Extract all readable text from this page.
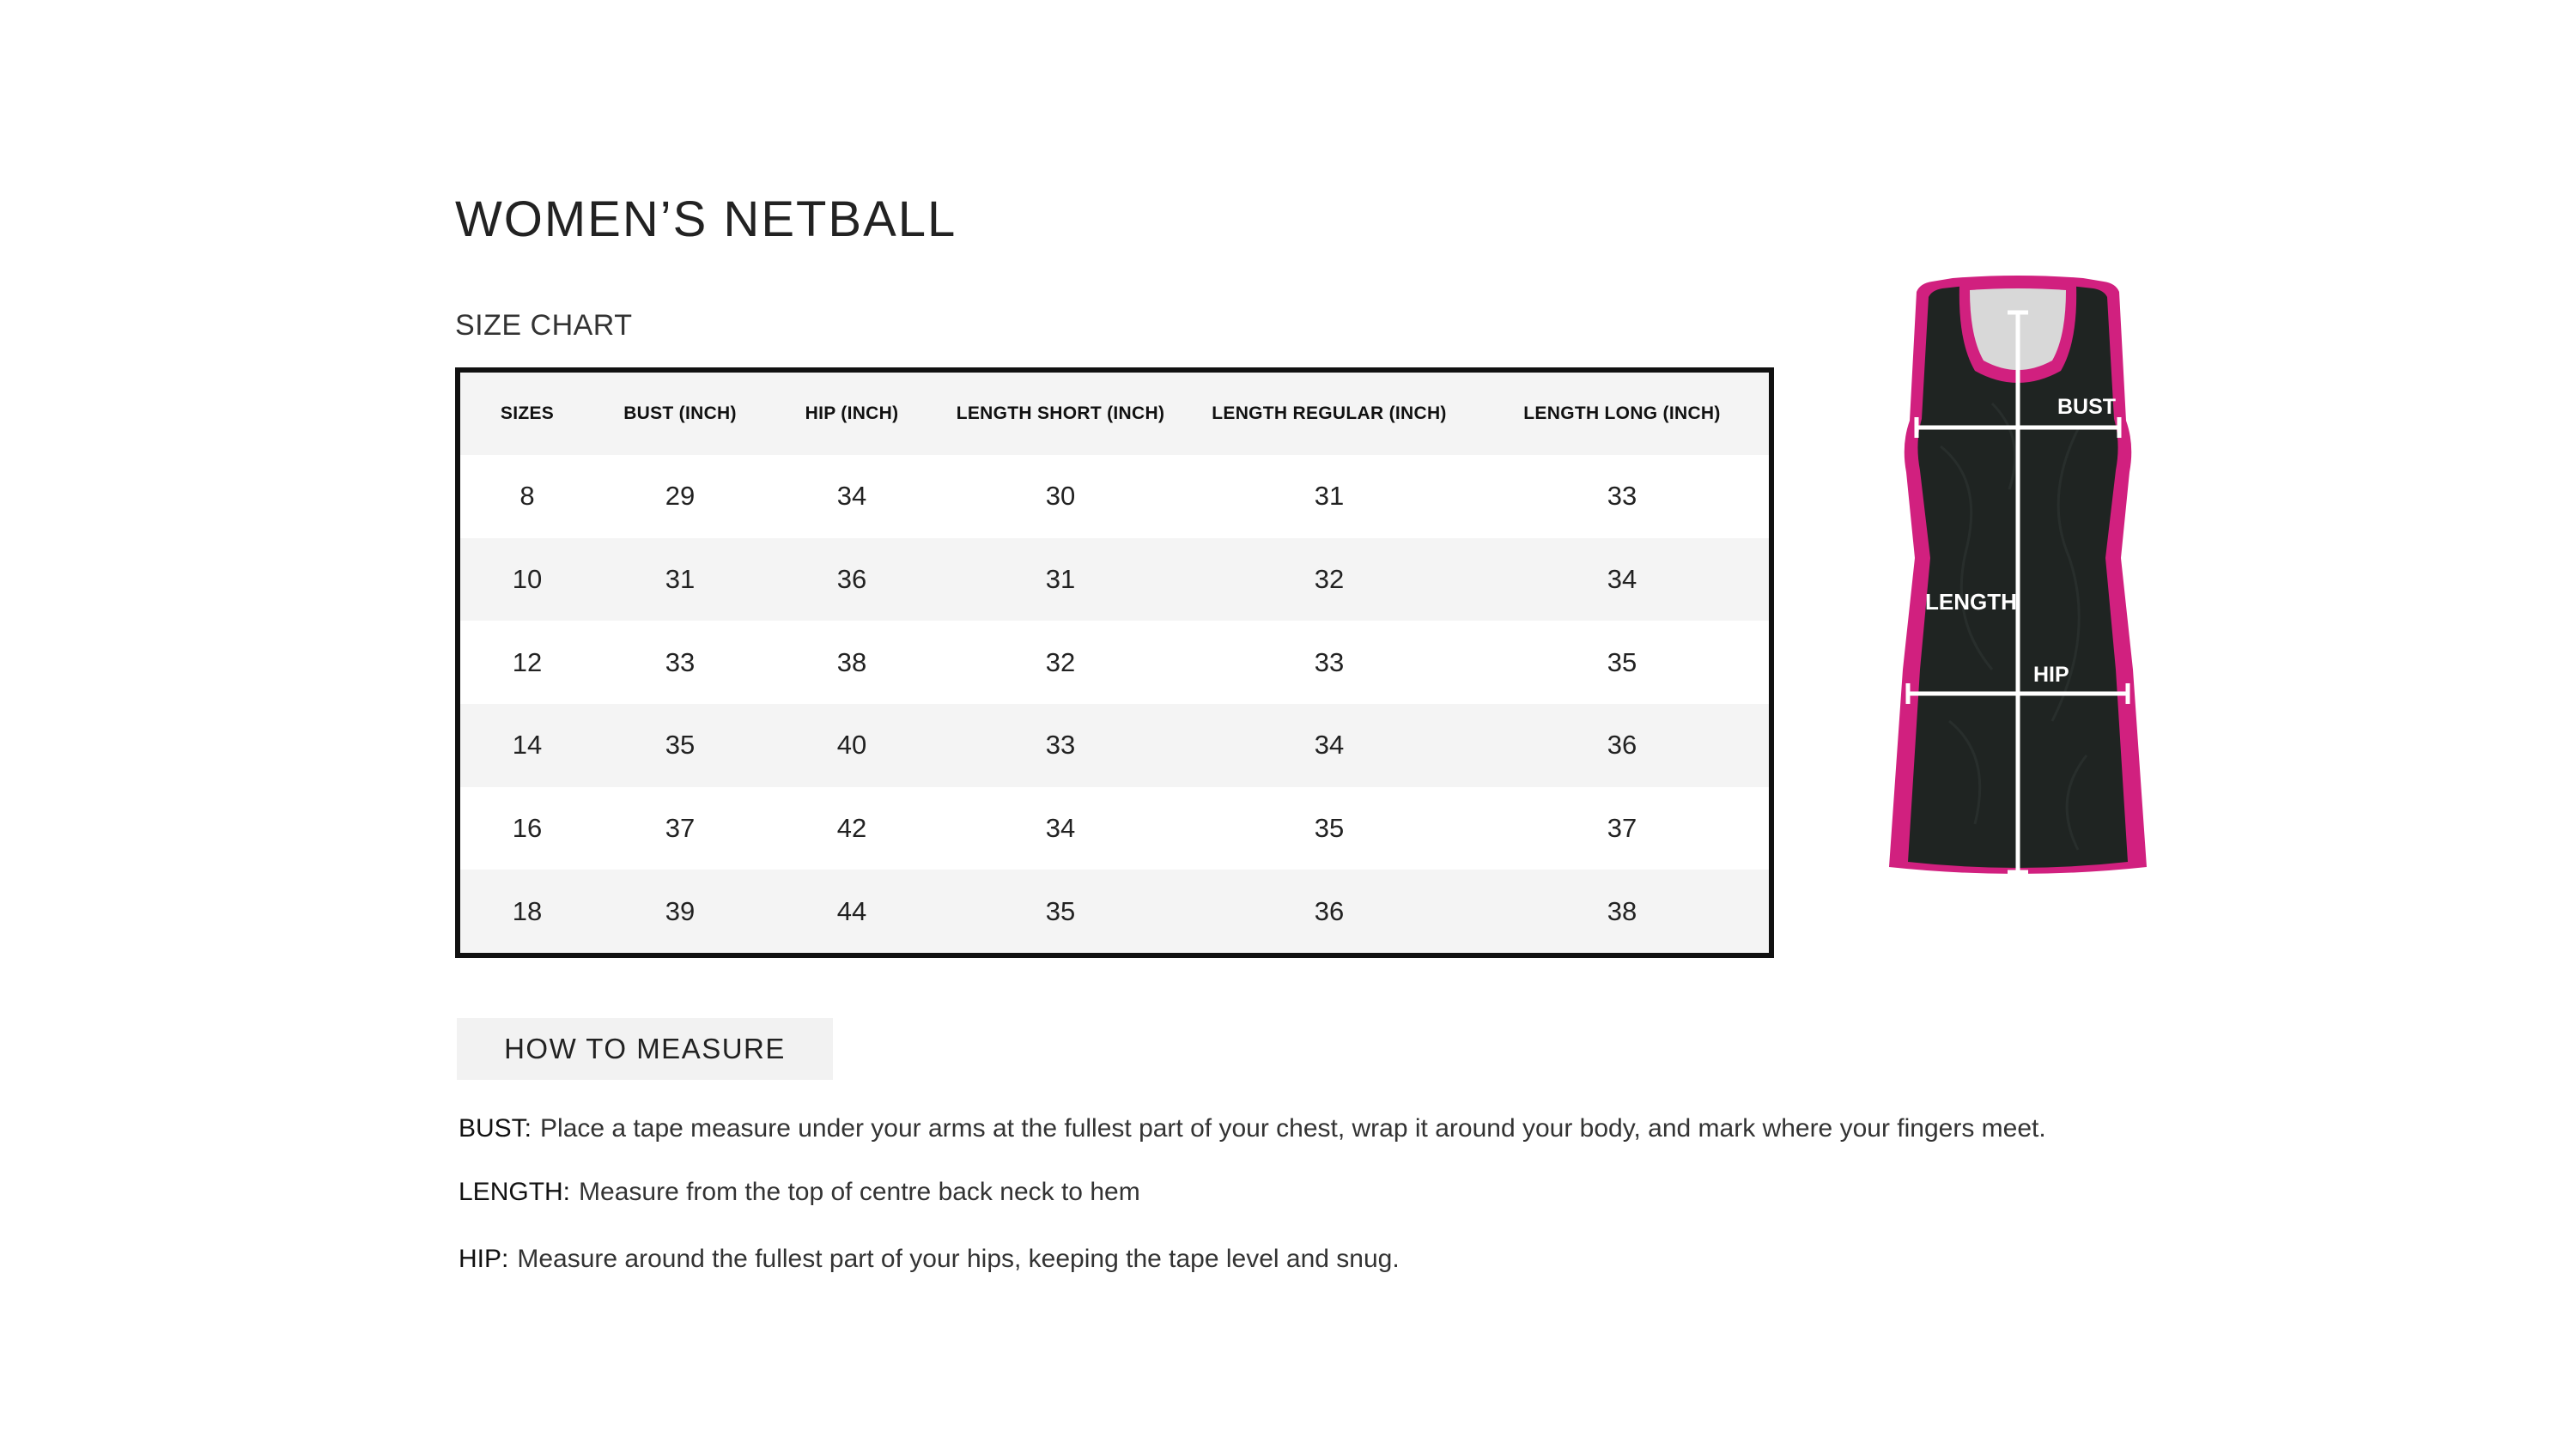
WOMEN’S NETBALL
SIZE CHART
SIZES	BUST (INCH)	HIP (INCH)	LENGTH SHORT (INCH)	LENGTH REGULAR (INCH)	LENGTH LONG (INCH)
8	29	34	30	31	33
10	31	36	31	32	34
12	33	38	32	33	35
14	35	40	33	34	36
16	37	42	34	35	37
18	39	44	35	36	38
BUST
LENGTH
HIP
HOW TO MEASURE
BUST: Place a tape measure under your arms at the fullest part of your chest, wrap it around your body, and mark where your fingers meet.
LENGTH: Measure from the top of centre back neck to hem
HIP: Measure around the fullest part of your hips, keeping the tape level and snug.
